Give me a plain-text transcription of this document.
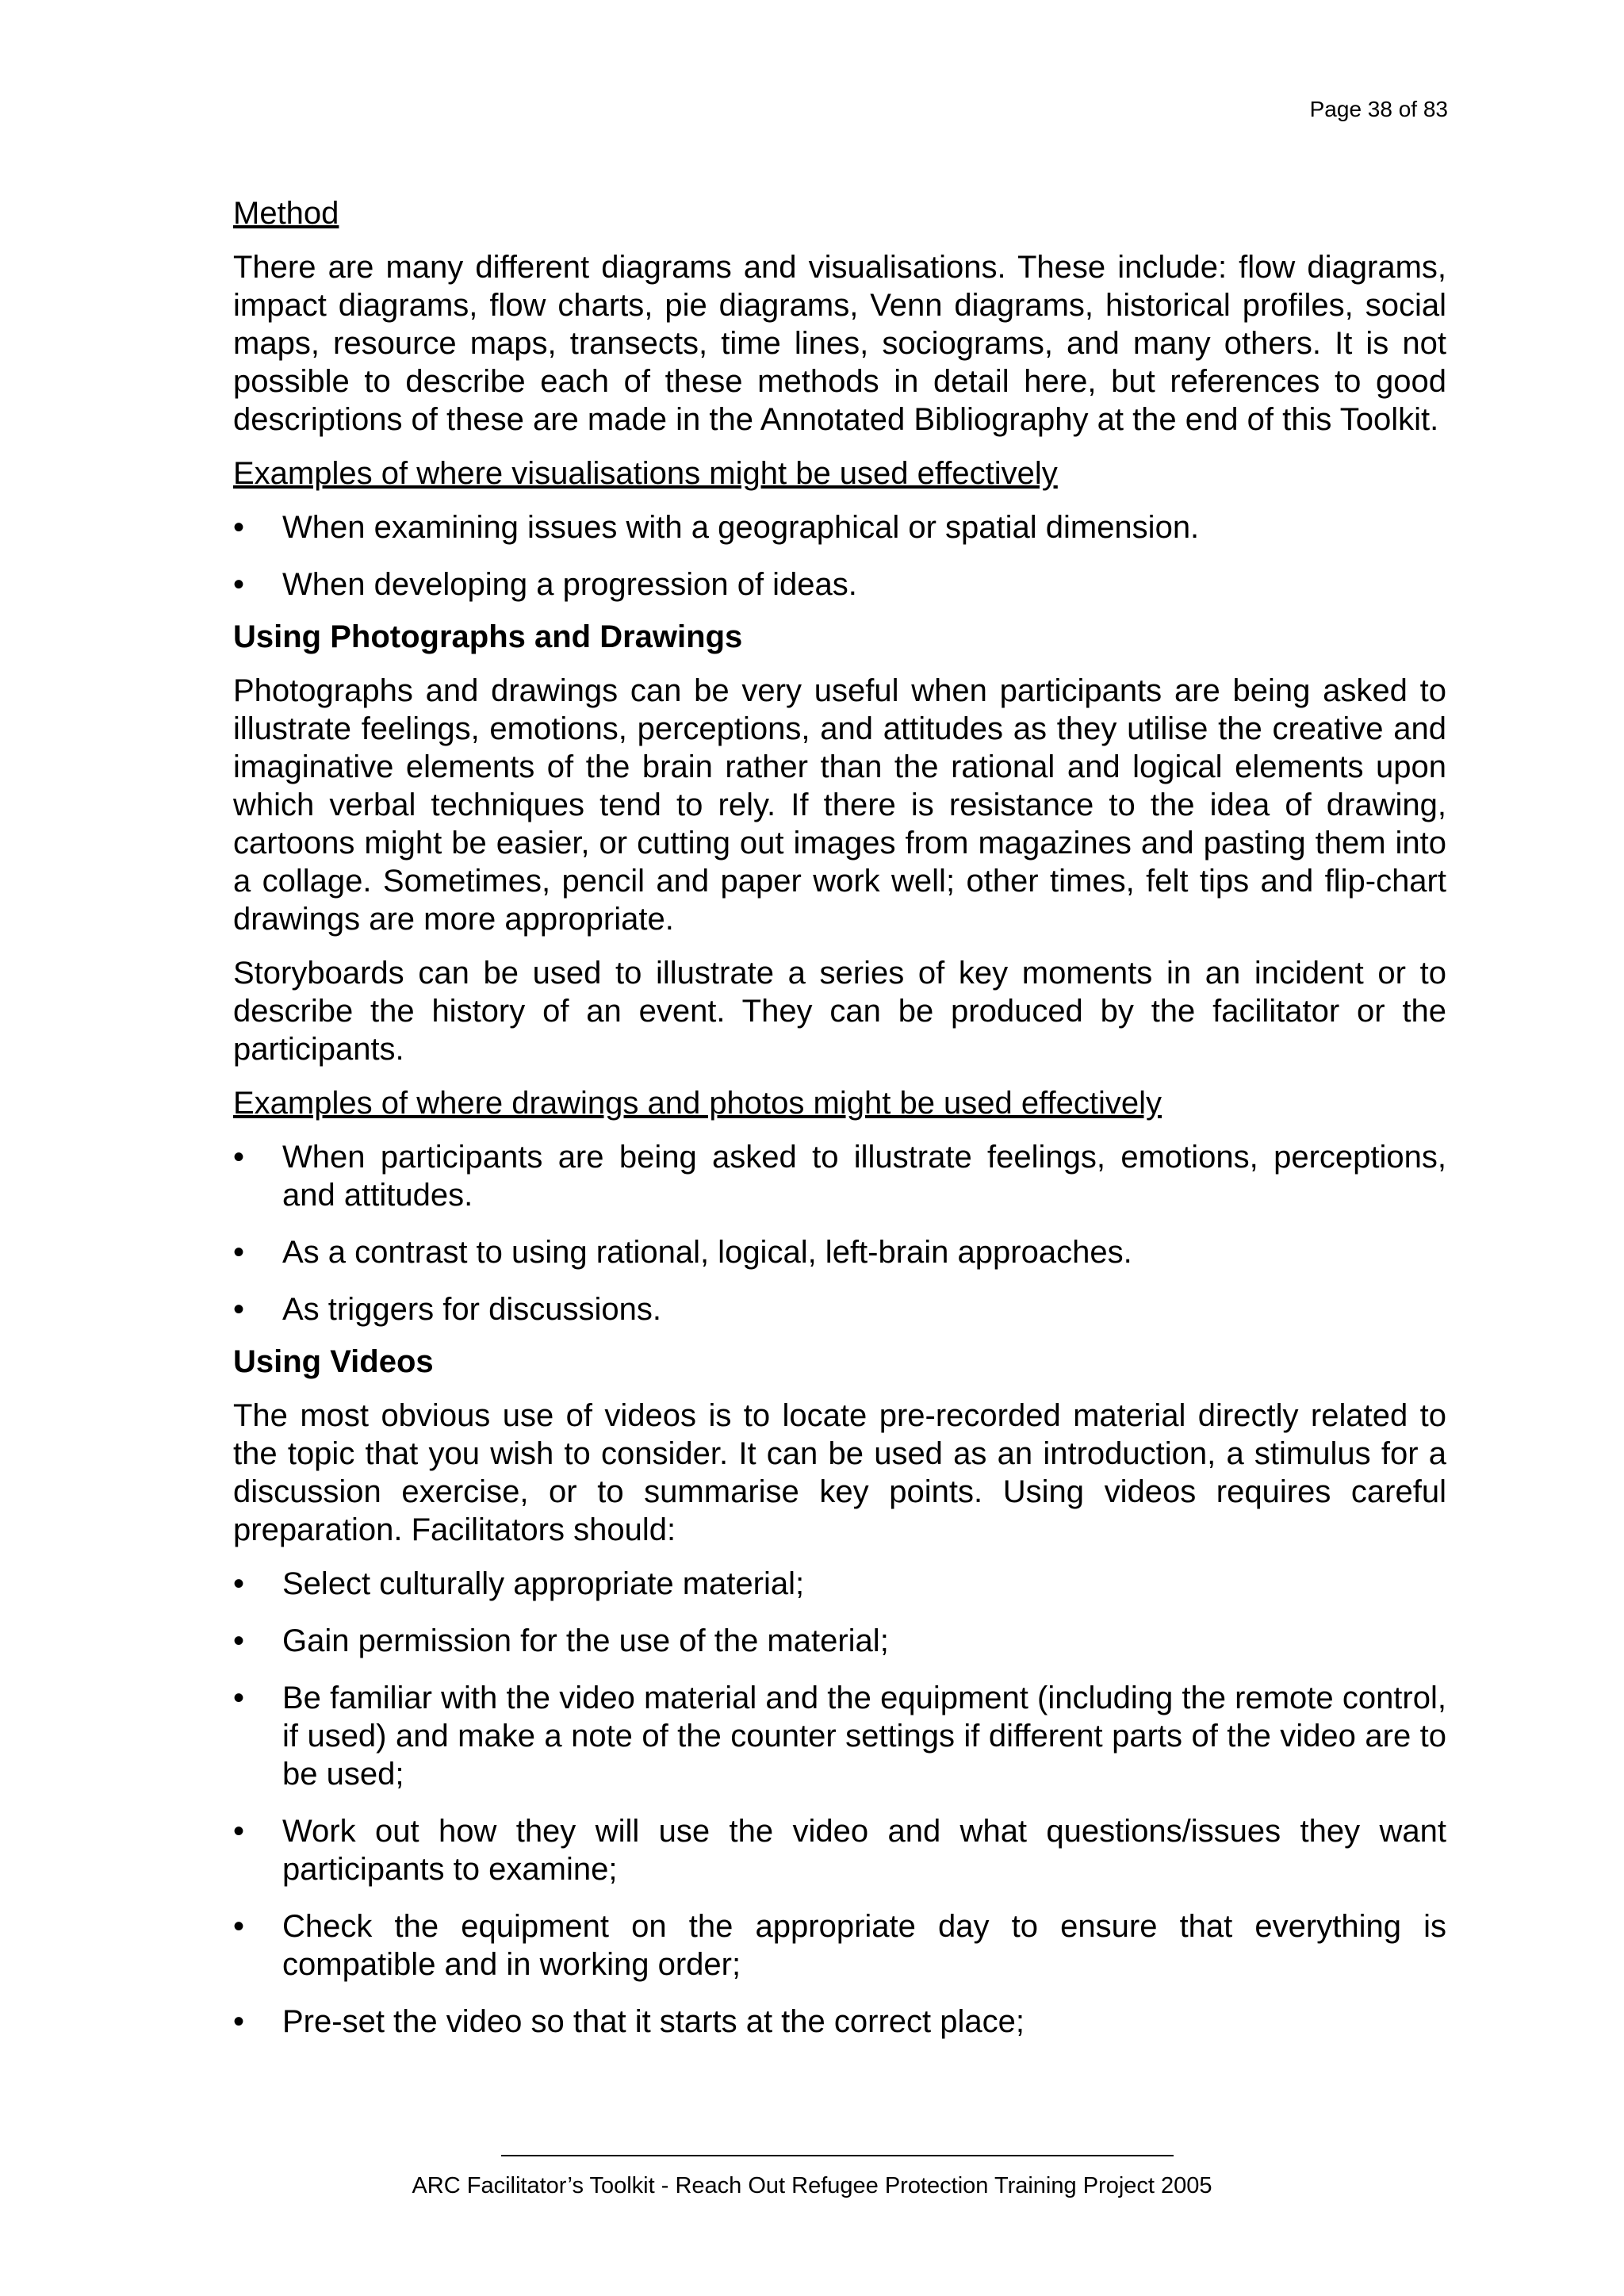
Page 38 of 83
Method

There are many different diagrams and visualisations. These include: flow diagrams, impact diagrams, flow charts, pie diagrams, Venn diagrams, historical profiles, social maps, resource maps, transects, time lines, sociograms, and many others. It is not possible to describe each of these methods in detail here, but references to good descriptions of these are made in the Annotated Bibliography at the end of this Toolkit.

Examples of where visualisations might be used effectively
•	When examining issues with a geographical or spatial dimension.
•	When developing a progression of ideas.
Using Photographs and Drawings

Photographs and drawings can be very useful when participants are being asked to illustrate feelings, emotions, perceptions, and attitudes as they utilise the creative and imaginative elements of the brain rather than the rational and logical elements upon which verbal techniques tend to rely. If there is resistance to the idea of drawing, cartoons might be easier, or cutting out images from magazines and pasting them into a collage. Sometimes, pencil and paper work well; other times, felt tips and flip-chart drawings are more appropriate.

Storyboards can be used to illustrate a series of key moments in an incident or to describe the history of an event. They can be produced by the facilitator or the participants.

Examples of where drawings and photos might be used effectively
•	When participants are being asked to illustrate feelings, emotions, perceptions, and attitudes.
•	As a contrast to using rational, logical, left-brain approaches.
•	As triggers for discussions.
Using Videos

The most obvious use of videos is to locate pre-recorded material directly related to the topic that you wish to consider. It can be used as an introduction, a stimulus for a discussion exercise, or to summarise key points. Using videos requires careful preparation. Facilitators should:

•	Select culturally appropriate material;
•	Gain permission for the use of the material;
•	Be familiar with the video material and the equipment (including the remote control, if used) and make a note of the counter settings if different parts of the video are to be used;
•	Work out how they will use the video and what questions/issues they want participants to examine;
•	Check the equipment on the appropriate day to ensure that everything is compatible and in working order;
•	Pre-set the video so that it starts at the correct place;
ARC Facilitator’s Toolkit - Reach Out Refugee Protection Training Project 2005
